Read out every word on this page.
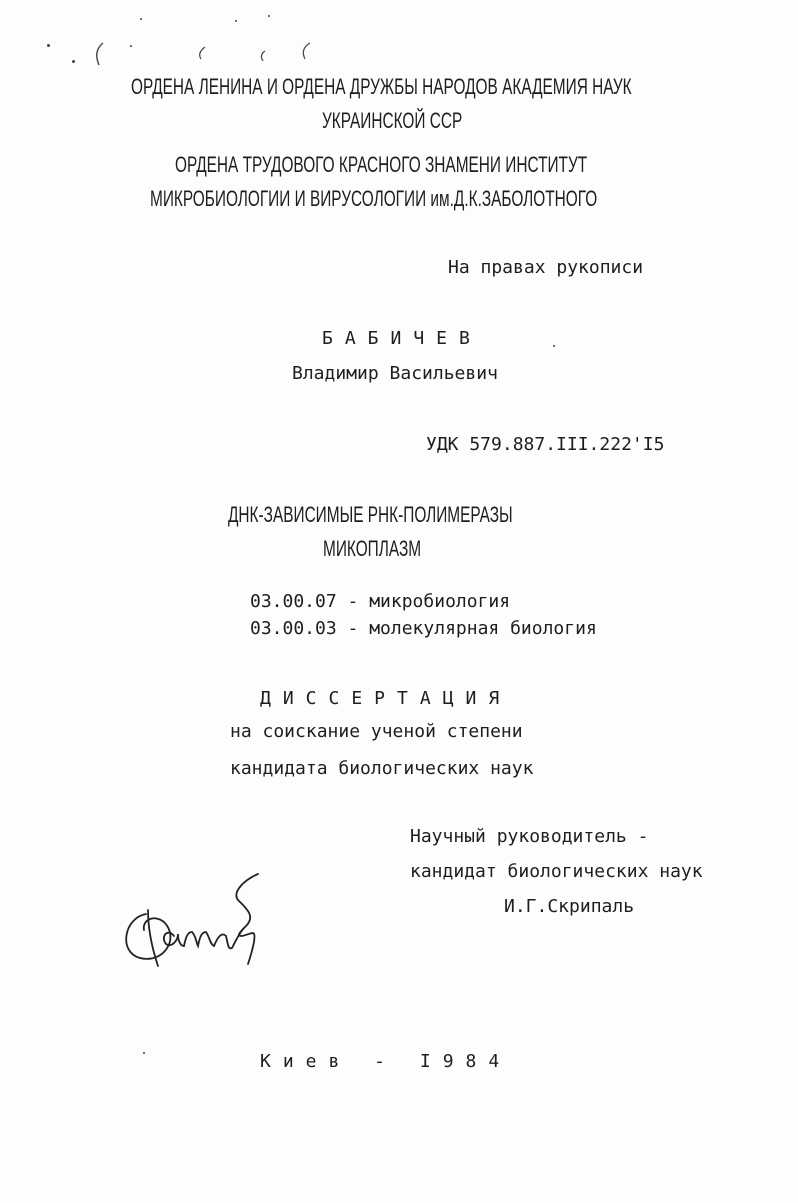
ОРДЕНА ЛЕНИНА И ОРДЕНА ДРУЖБЫ НАРОДОВ АКАДЕМИЯ НАУК
УКРАИНСКОЙ ССР
ОРДЕНА ТРУДОВОГО КРАСНОГО ЗНАМЕНИ ИНСТИТУТ
МИКРОБИОЛОГИИ И ВИРУСОЛОГИИ им.Д.К.ЗАБОЛОТНОГО
На правах рукописи
БАБИЧЕВ
Владимир Васильевич
УДК 579.887.III.222'I5
ДНК-ЗАВИСИМЫЕ РНК-ПОЛИМЕРАЗЫ
МИКОПЛАЗМ
03.00.07 - микробиология
03.00.03 - молекулярная биология
ДИССЕРТАЦИЯ
на соискание ученой степени
кандидата биологических наук
Научный руководитель -
кандидат биологических наук
И.Г.Скрипаль
Киев - I984
